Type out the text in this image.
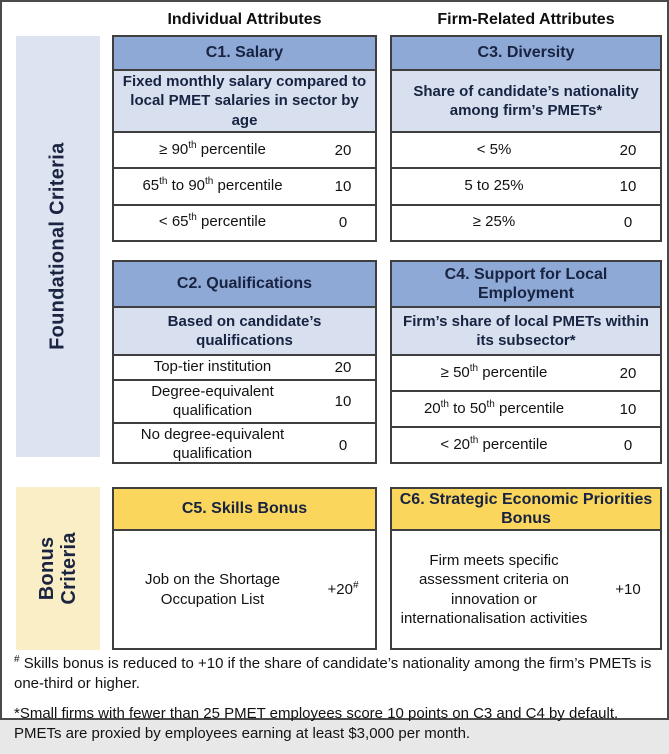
Individual Attributes	Firm-Related Attributes
Foundational Criteria
Bonus Criteria
C1. Salary
Fixed monthly salary compared to local PMET salaries in sector by age
≥ 90th percentile	20
65th to 90th percentile	10
< 65th percentile	0
C3. Diversity
Share of candidate’s nationality among firm’s PMETs*
< 5%	20
5 to 25%	10
≥ 25%	0
C2. Qualifications
Based on candidate’s qualifications
Top-tier institution	20
Degree-equivalent qualification	10
No degree-equivalent qualification	0
C4. Support for Local Employment
Firm’s share of local PMETs within its subsector*
≥ 50th percentile	20
20th to 50th percentile	10
< 20th percentile	0
C5. Skills Bonus
Job on the Shortage Occupation List
+20#
C6. Strategic Economic Priorities Bonus
Firm meets specific assessment criteria on innovation or internationalisation activities
+10

# Skills bonus is reduced to +10 if the share of candidate’s nationality among the firm’s PMETs is one-third or higher.

*Small firms with fewer than 25 PMET employees score 10 points on C3 and C4 by default.
PMETs are proxied by employees earning at least $3,000 per month.
